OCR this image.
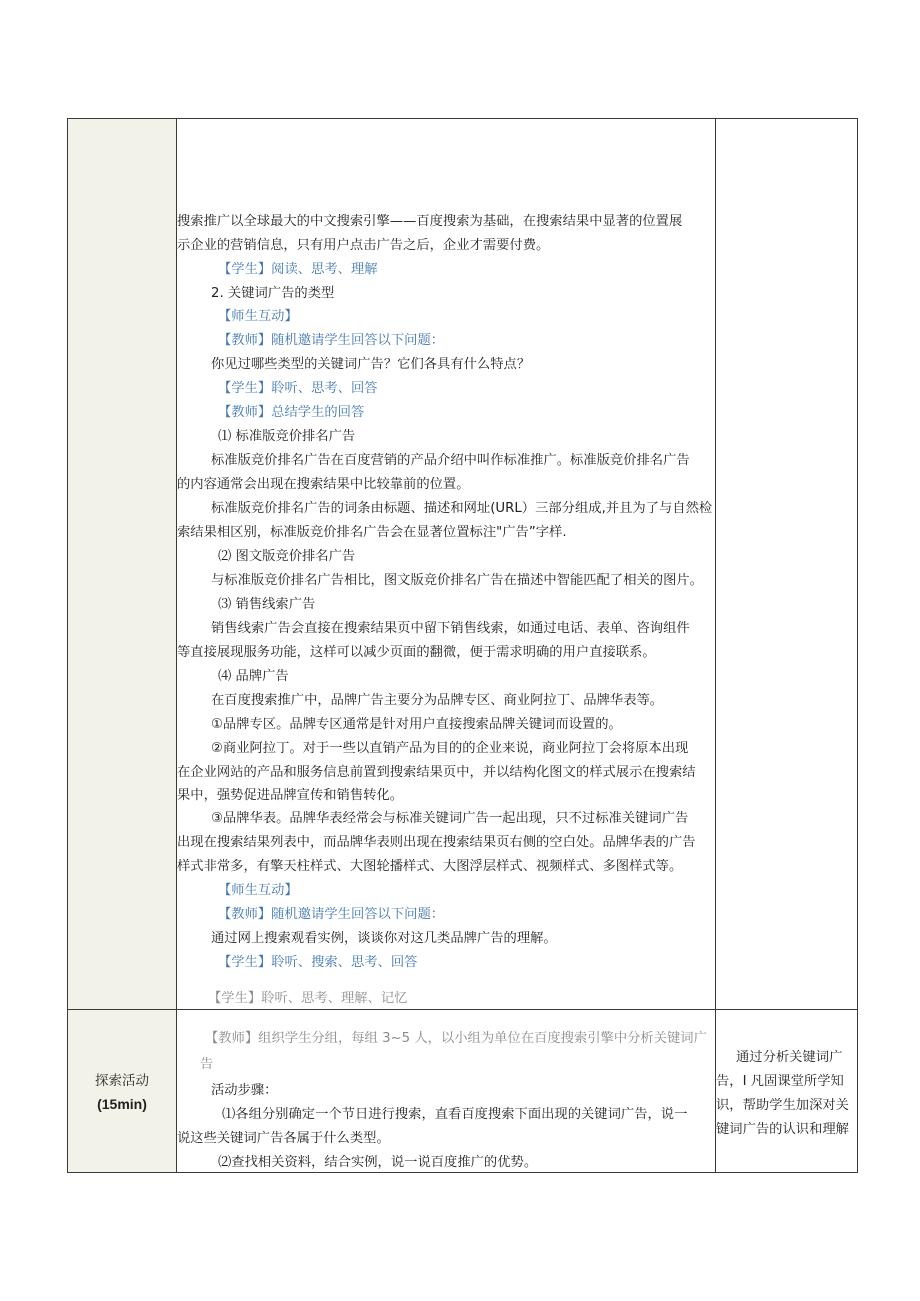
搜索推广以全球最大的中文搜索引擎——百度搜索为基础，在搜索结果中显著的位置展
示企业的营销信息，只有用户点击广告之后，企业才需要付费。
【学生】阅读、思考、理解
2. 关键词广告的类型
【师生互动】
【教师】随机邀请学生回答以下问题：
你见过哪些类型的关键词广告？它们各具有什么特点？
【学生】聆听、思考、回答
【教师】总结学生的回答
⑴ 标准版竞价排名广告
标准版竞价排名广告在百度营销的产品介绍中叫作标准推广。标准版竞价排名广告
的内容通常会出现在搜索结果中比较靠前的位置。
标准版竞价排名广告的词条由标题、描述和网址(URL）三部分组成,并且为了与自然检
索结果相区别，标准版竞价排名广告会在显著位置标注"广告”字样.
⑵ 图文版竞价排名广告
与标准版竞价排名广告相比，图文版竞价排名广告在描述中智能匹配了相关的图片。
⑶ 销售线索广告
销售线索广告会直接在搜索结果页中留下销售线索，如通过电话、表单、咨询组件
等直接展现服务功能，这样可以减少页面的翻微，便于需求明确的用户直接联系。
⑷ 品牌广告
在百度搜索推广中，品牌广告主要分为品牌专区、商业阿拉丁、品牌华表等。
①品牌专区。品牌专区通常是针对用户直接搜索品牌关键词而设置的。
②商业阿拉丁。对于一些以直销产品为目的的企业来说，商业阿拉丁会将原本出现
在企业网站的产品和服务信息前置到搜索结果页中，并以结构化图文的样式展示在搜索结
果中，强势促进品牌宣传和销售转化。
③品牌华表。品牌华表经常会与标准关键词广告一起出现，只不过标准关键词广告
出现在搜索结果列表中，而品牌华表则出现在搜索结果页右侧的空白处。品牌华表的广告
样式非常多，有擎天柱样式、大图轮播样式、大图浮层样式、视频样式、多图样式等。
【师生互动】
【教师】随机邀请学生回答以下问题：
通过网上搜索观看实例，谈谈你对这几类品牌广告的理解。
【学生】聆听、搜索、思考、回答
【学生】聆听、思考、理解、记忆
探索活动
(15min)
【教师】组织学生分组，每组 3~5 人，以小组为单位在百度搜索引擎中分析关键词广
告
活动步骤：
⑴各组分别确定一个节日进行搜索，直看百度搜索下面出现的关键词广告，说一
说这些关键词广告各属于什么类型。
⑵查找相关资料，结合实例，说一说百度推广的优势。
通过分析关键词广
告，I 凡固课堂所学知
识，帮助学生加深对关
键词广告的认识和理解
